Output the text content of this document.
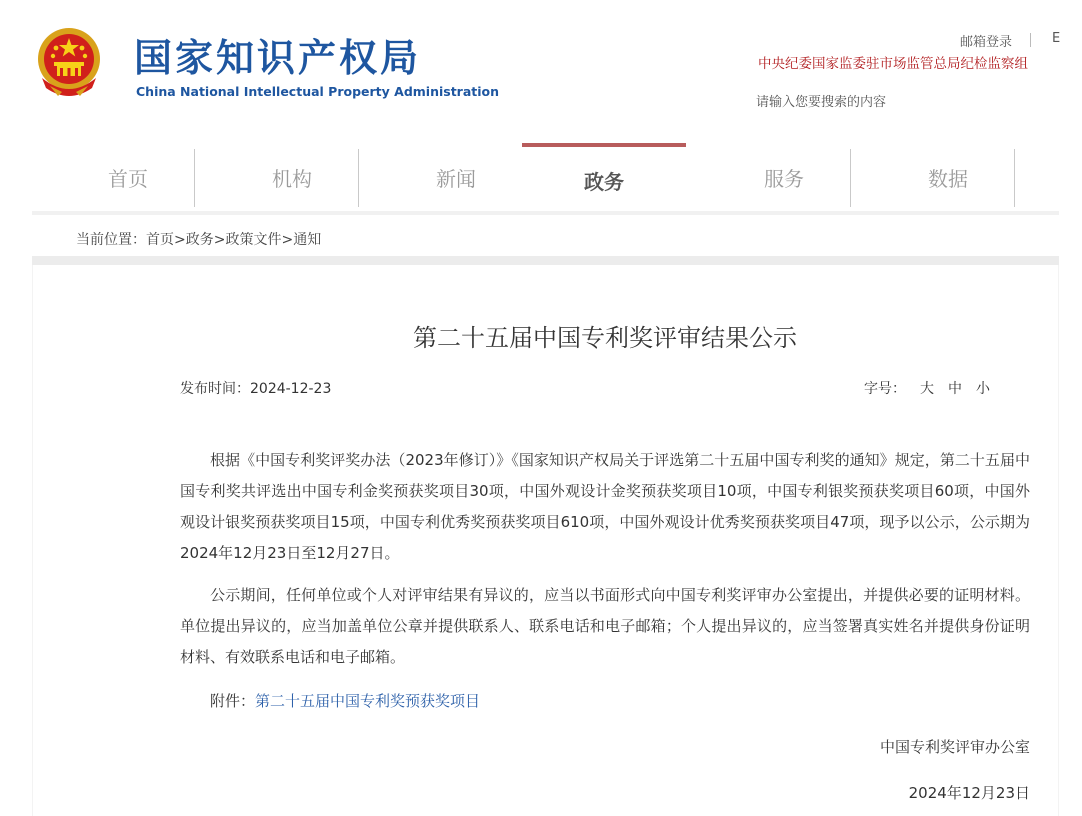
国家知识产权局
China National Intellectual Property Administration
邮箱登录	E
中央纪委国家监委驻市场监管总局纪检监察组
请输入您要搜索的内容
首页	机构	新闻	政务	服务	数据
当前位置：首页>政务>政策文件>通知
第二十五届中国专利奖评审结果公示
发布时间：2024-12-23	字号： 大 中 小

根据《中国专利奖评奖办法（2023年修订）》《国家知识产权局关于评选第二十五届中国专利奖的通知》规定，第二十五届中国专利奖共评选出中国专利金奖预获奖项目30项，中国外观设计金奖预获奖项目10项，中国专利银奖预获奖项目60项，中国外观设计银奖预获奖项目15项，中国专利优秀奖预获奖项目610项，中国外观设计优秀奖预获奖项目47项，现予以公示，公示期为2024年12月23日至12月27日。

公示期间，任何单位或个人对评审结果有异议的，应当以书面形式向中国专利奖评审办公室提出，并提供必要的证明材料。单位提出异议的，应当加盖单位公章并提供联系人、联系电话和电子邮箱；个人提出异议的，应当签署真实姓名并提供身份证明材料、有效联系电话和电子邮箱。

附件：第二十五届中国专利奖预获奖项目
中国专利奖评审办公室
2024年12月23日
